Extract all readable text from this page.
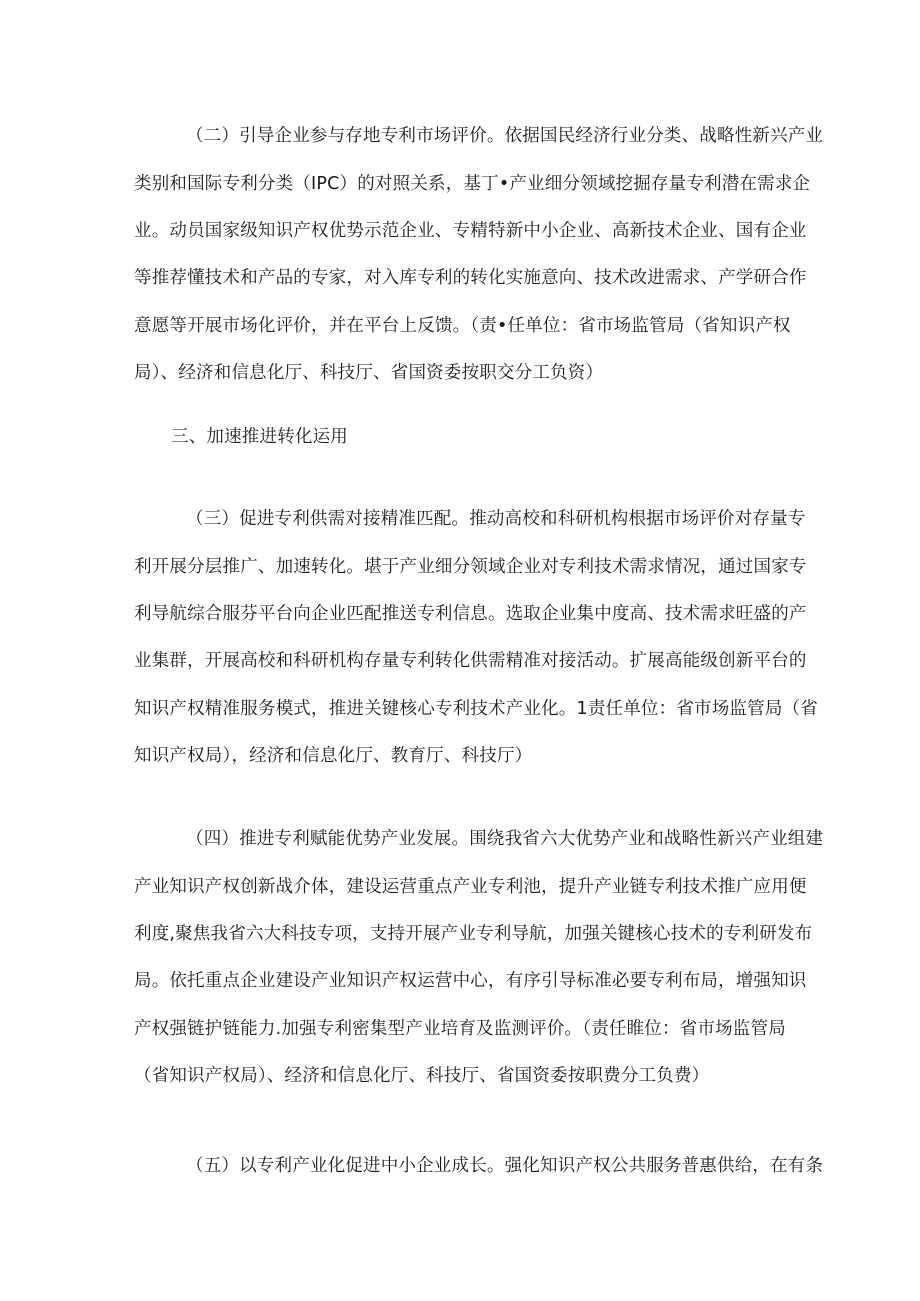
（二）引导企业参与存地专利市场评价。依据国民经济行业分类、战略性新兴产业
类别和国际专利分类（IPC）的对照关系，基丁•产业细分领域挖掘存量专利潜在需求企
业。动员国家级知识产权优势示范企业、专精特新中小企业、高新技术企业、国有企业
等推荐懂技术和产品的专家，对入库专利的转化实施意向、技术改进需求、产学研合作
意愿等开展市场化评价，并在平台上反馈。（责•任单位：省市场监管局（省知识产权
局）、经济和信息化厅、科技厅、省国资委按职交分工负资）
三、加速推进转化运用
（三）促进专利供需对接精准匹配。推动高校和科研机构根据市场评价对存量专
利开展分层推广、加速转化。堪于产业细分领域企业对专利技术需求情况，通过国家专
利导航综合服芬平台向企业匹配推送专利信息。选取企业集中度高、技术需求旺盛的产
业集群，开展高校和科研机构存量专利转化供需精准对接活动。扩展高能级创新平台的
知识产权精准服务模式，推进关键核心专利技术产业化。1责任单位：省市场监管局（省
知识产权局），经济和信息化厅、教育厅、科技厅）
（四）推进专利赋能优势产业发展。围绕我省六大优势产业和战略性新兴产业组建
产业知识产权创新战介体，建设运营重点产业专利池，提升产业链专利技术推广应用便
利度,聚焦我省六大科技专项，支持开展产业专利导航，加强关键核心技术的专利研发布
局。依托重点企业建设产业知识产权运营中心，有序引导标准必要专利布局，增强知识
产权强链护链能力.加强专利密集型产业培育及监测评价。（责任睢位：省市场监管局
（省知识产权局）、经济和信息化厅、科技厅、省国资委按职费分工负费）
（五）以专利产业化促进中小企业成长。强化知识产权公共服务普惠供给，在有条
